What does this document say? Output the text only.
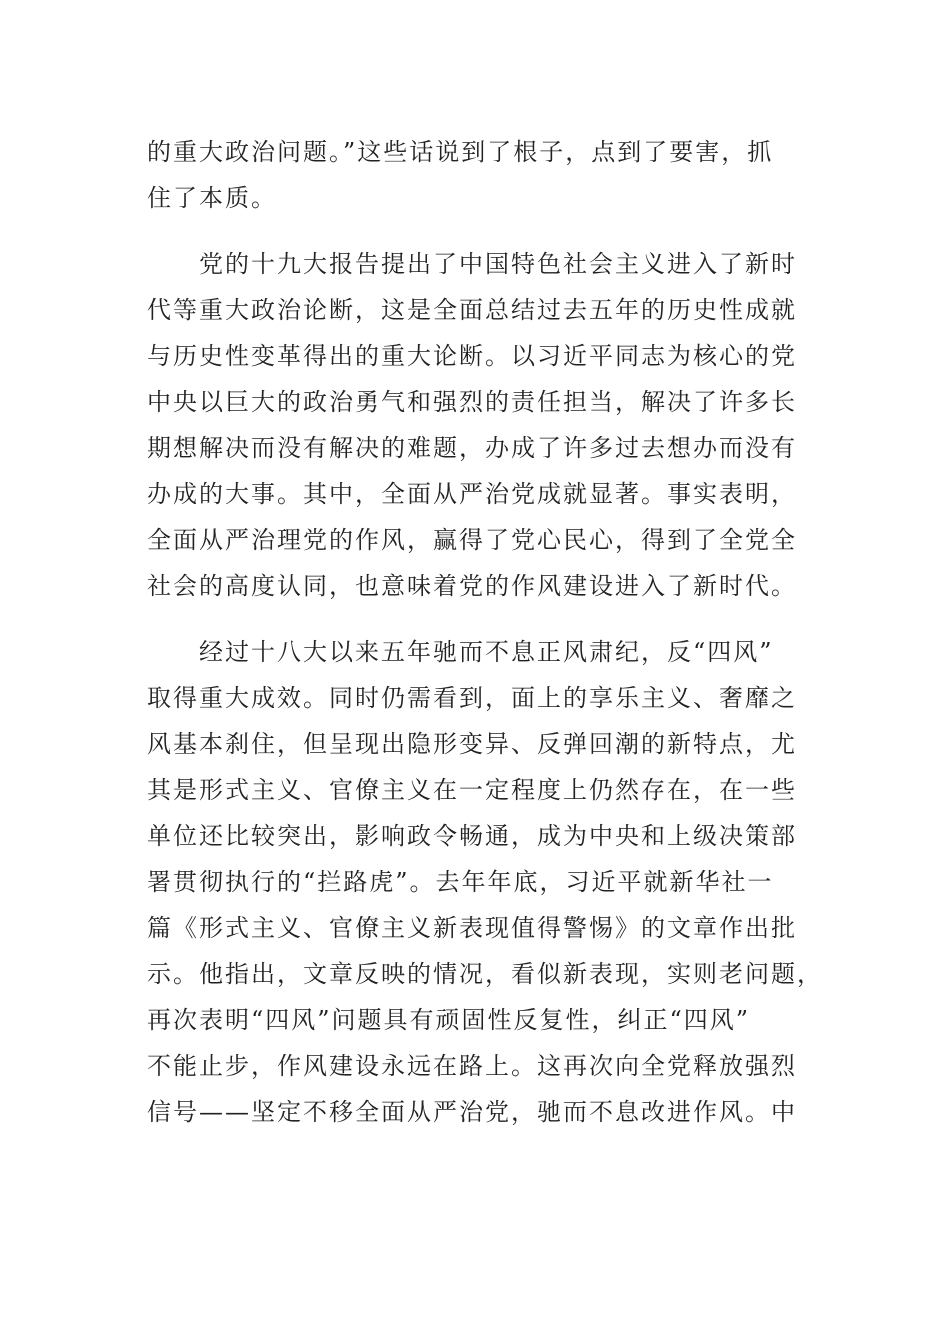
的重大政治问题。”这些话说到了根子，点到了要害，抓
住了本质。
党的十九大报告提出了中国特色社会主义进入了新时
代等重大政治论断，这是全面总结过去五年的历史性成就
与历史性变革得出的重大论断。以习近平同志为核心的党
中央以巨大的政治勇气和强烈的责任担当，解决了许多长
期想解决而没有解决的难题，办成了许多过去想办而没有
办成的大事。其中，全面从严治党成就显著。事实表明，
全面从严治理党的作风，赢得了党心民心，得到了全党全
社会的高度认同，也意味着党的作风建设进入了新时代。
经过十八大以来五年驰而不息正风肃纪，反“四风”
取得重大成效。同时仍需看到，面上的享乐主义、奢靡之
风基本刹住，但呈现出隐形变异、反弹回潮的新特点，尤
其是形式主义、官僚主义在一定程度上仍然存在，在一些
单位还比较突出，影响政令畅通，成为中央和上级决策部
署贯彻执行的“拦路虎”。去年年底，习近平就新华社一
篇《形式主义、官僚主义新表现值得警惕》的文章作出批
示。他指出，文章反映的情况，看似新表现，实则老问题，
再次表明“四风”问题具有顽固性反复性，纠正“四风”
不能止步，作风建设永远在路上。这再次向全党释放强烈
信号——坚定不移全面从严治党，驰而不息改进作风。中
